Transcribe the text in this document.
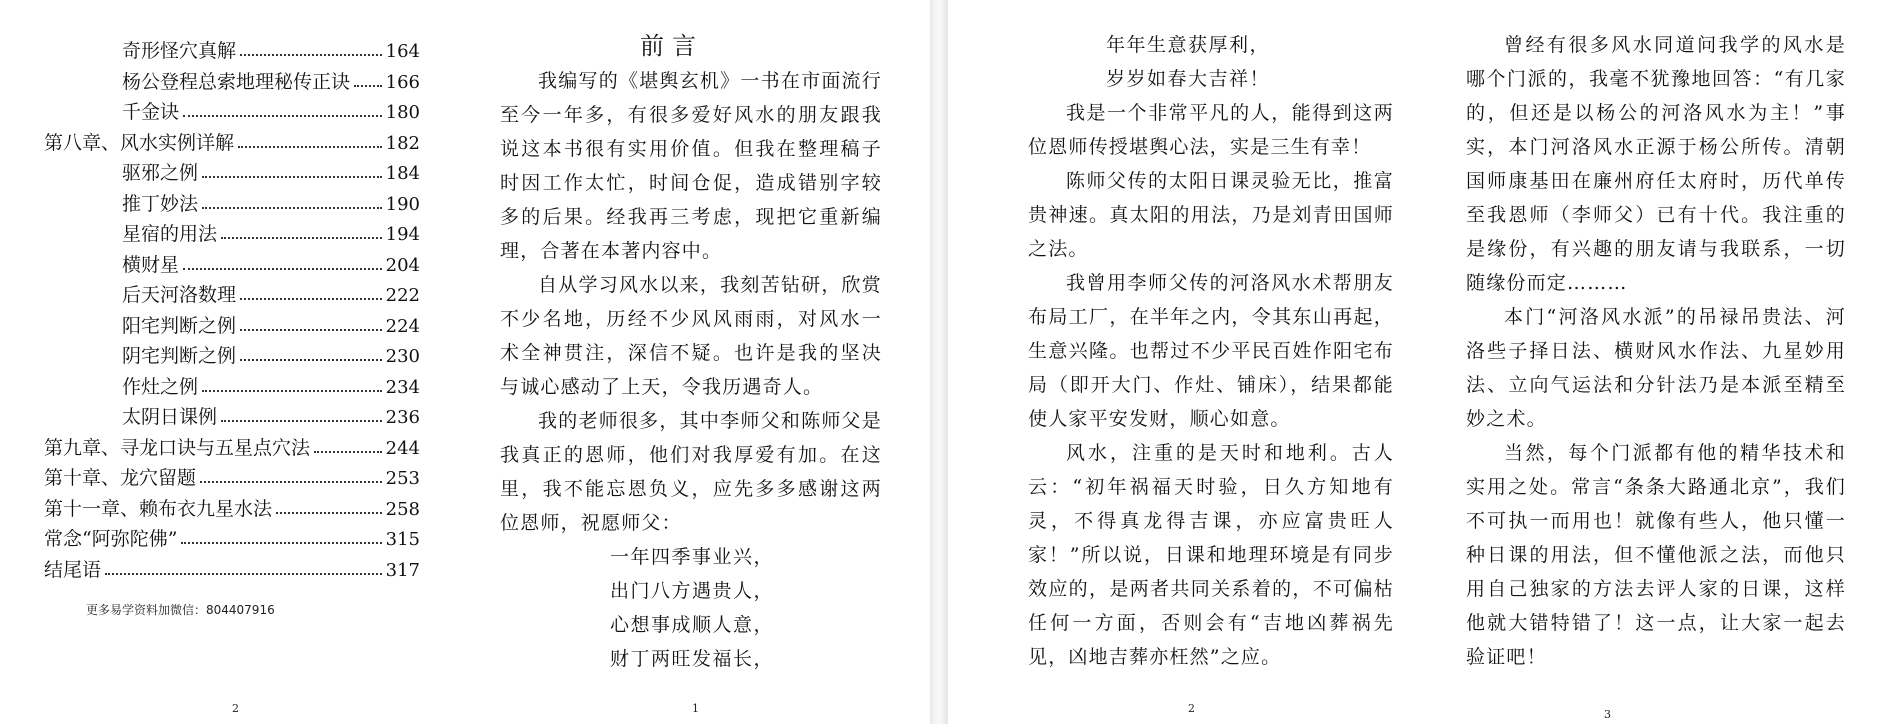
奇形怪穴真解	164
杨公登程总索地理秘传正诀 166
千金诀	180
第八章、风水实例详解	182
驱邪之例	184
推丁妙法	190
星宿的用法	194
横财星	204
后天河洛数理	222
阳宅判断之例	224
阴宅判断之例	230
作灶之例	234
太阴日课例	236
第九章、寻龙口诀与五星点穴法	244
第十章、龙穴留题	253
第十一章、赖布衣九星水法	258
常念“阿弥陀佛”	315
结尾语	317
更多易学资料加微信：804407916
2
前言

我编写的《堪舆玄机》一书在市面流行至今一年多，有很多爱好风水的朋友跟我说这本书很有实用价值。但我在整理稿子时因工作太忙，时间仓促，造成错别字较多的后果。经我再三考虑，现把它重新编理，合著在本著内容中。

自从学习风水以来，我刻苦钻研，欣赏不少名地，历经不少风风雨雨，对风水一术全神贯注，深信不疑。也许是我的坚决与诚心感动了上天，令我历遇奇人。

我的老师很多，其中李师父和陈师父是我真正的恩师，他们对我厚爱有加。在这里，我不能忘恩负义，应先多多感谢这两位恩师，祝愿师父：

一年四季事业兴，
出门八方遇贵人，
心想事成顺人意，
财丁两旺发福长，
1
年年生意获厚利，
岁岁如春大吉祥！

我是一个非常平凡的人，能得到这两位恩师传授堪舆心法，实是三生有幸！

陈师父传的太阳日课灵验无比，推富贵神速。真太阳的用法，乃是刘青田国师之法。

我曾用李师父传的河洛风水术帮朋友布局工厂，在半年之内，令其东山再起，生意兴隆。也帮过不少平民百姓作阳宅布局（即开大门、作灶、铺床），结果都能使人家平安发财，顺心如意。

风水，注重的是天时和地利。古人云：“初年祸福天时验，日久方知地有灵，不得真龙得吉课，亦应富贵旺人家！”所以说，日课和地理环境是有同步效应的，是两者共同关系着的，不可偏枯任何一方面，否则会有“吉地凶葬祸先见，凶地吉葬亦枉然”之应。

2

曾经有很多风水同道问我学的风水是哪个门派的，我毫不犹豫地回答：“有几家的，但还是以杨公的河洛风水为主！”事实，本门河洛风水正源于杨公所传。清朝国师康基田在廉州府任太府时，历代单传至我恩师（李师父）已有十代。我注重的是缘份，有兴趣的朋友请与我联系，一切随缘份而定………

本门“河洛风水派”的吊禄吊贵法、河洛些子择日法、横财风水作法、九星妙用法、立向气运法和分针法乃是本派至精至妙之术。

当然，每个门派都有他的精华技术和实用之处。常言“条条大路通北京”，我们不可执一而用也！就像有些人，他只懂一种日课的用法，但不懂他派之法，而他只用自己独家的方法去评人家的日课，这样他就大错特错了！这一点，让大家一起去验证吧！

3
